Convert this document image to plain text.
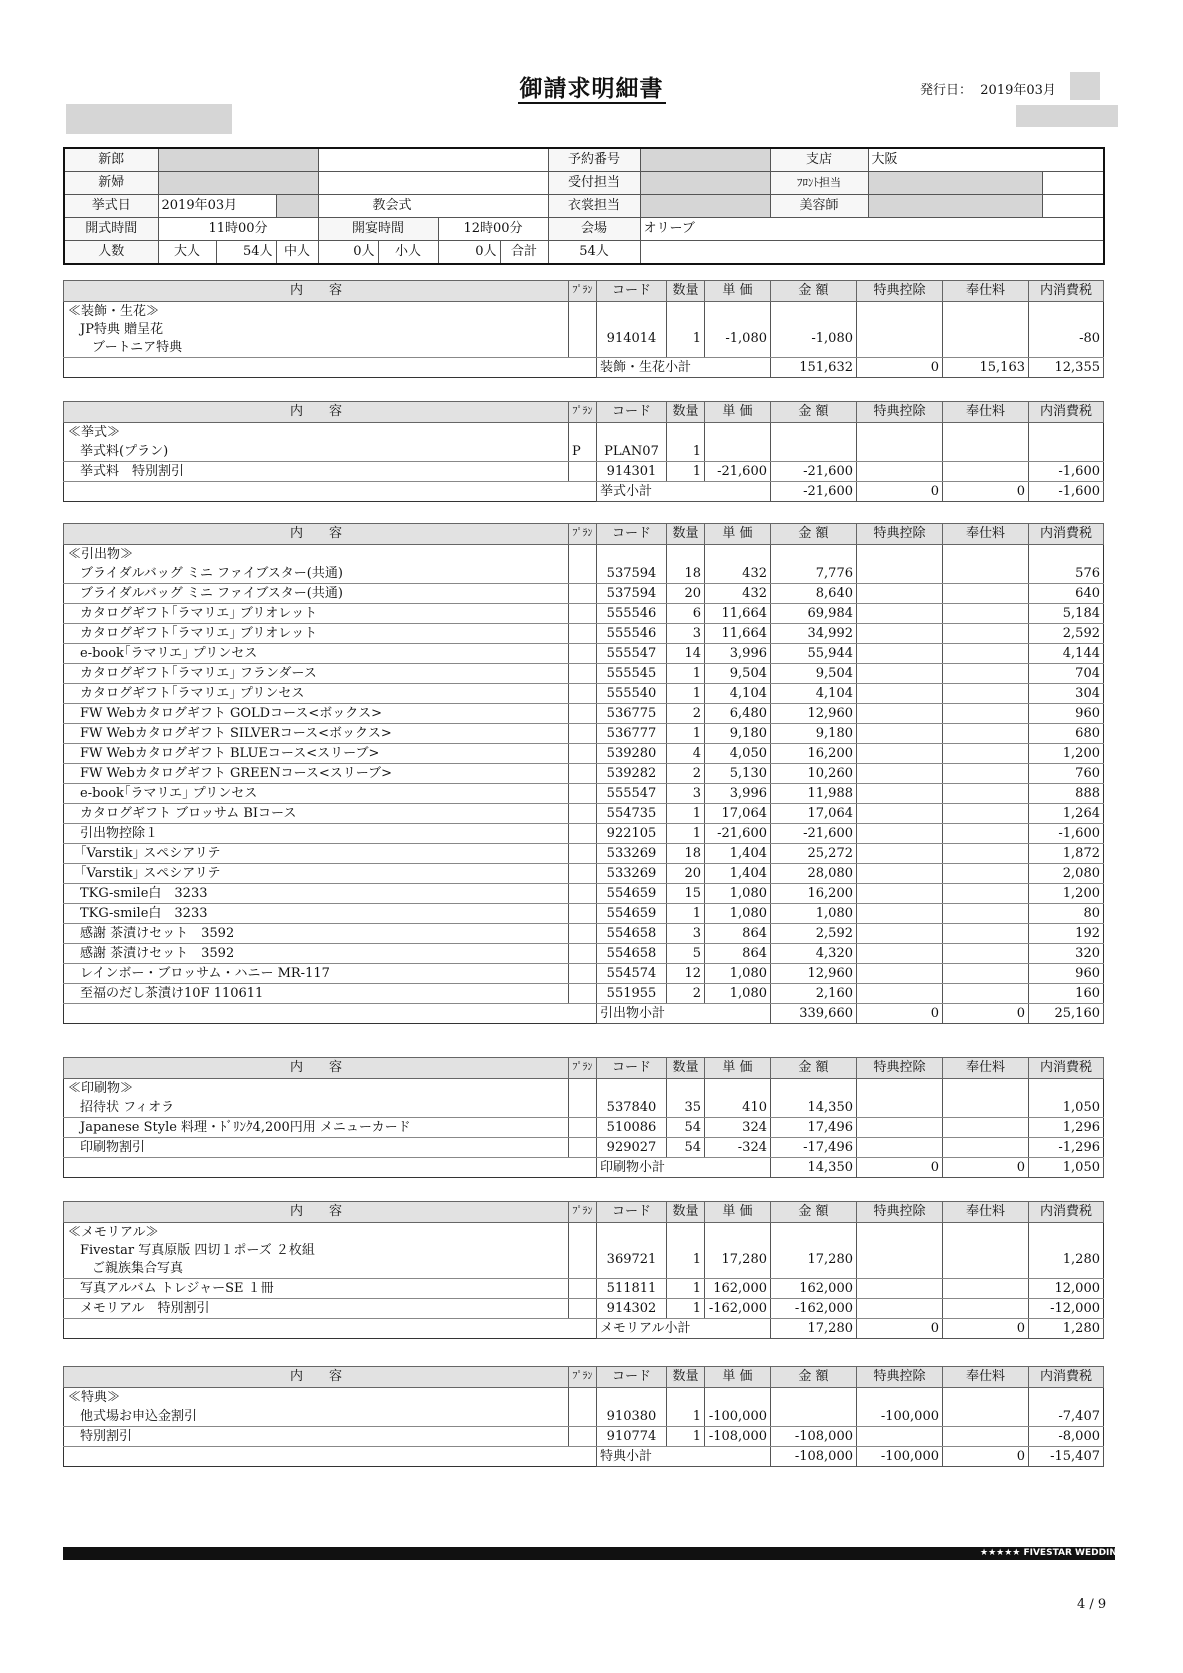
御請求明細書	発行日： 2019年03月
新郎								予約番号		支店	大阪	
新婦								受付担当		ﾌﾛﾝﾄ担当		
挙式日	2019年03月			教会式				衣裳担当		美容師		
開式時間	11時00分			開宴時間		12時00分		会場	オリーブ			
人数	大人	54人	中人	0人	小人	0人	合計	54人				
内　　容	ﾌﾟﾗﾝ	コード	数量	単 価	金 額	特典控除	奉仕料	内消費税
≪装飾・生花≫								

JP特典 贈呈花
ブートニア特典		914014	1	-1,080	-1,080			-80
		装飾・生花小計			151,632	0	15,163	12,355
内　　容	ﾌﾟﾗﾝ	コード	数量	単 価	金 額	特典控除	奉仕料	内消費税
≪挙式≫								

挙式料(プラン)	P	PLAN07	1					

挙式料　特別割引		914301	1	-21,600	-21,600			-1,600
		挙式小計			-21,600	0	0	-1,600
内　　容	ﾌﾟﾗﾝ	コード	数量	単 価	金 額	特典控除	奉仕料	内消費税
≪引出物≫								

ブライダルバッグ ミニ ファイブスター(共通)		537594	18	432	7,776			576

ブライダルバッグ ミニ ファイブスター(共通)		537594	20	432	8,640			640

カタログギフト｢ラマリエ｣ ブリオレット		555546	6	11,664	69,984			5,184

カタログギフト｢ラマリエ｣ ブリオレット		555546	3	11,664	34,992			2,592

e-book｢ラマリエ｣ プリンセス		555547	14	3,996	55,944			4,144

カタログギフト｢ラマリエ｣ フランダース		555545	1	9,504	9,504			704

カタログギフト｢ラマリエ｣ プリンセス		555540	1	4,104	4,104			304

FW Webカタログギフト GOLDコース<ボックス>		536775	2	6,480	12,960			960

FW Webカタログギフト SILVERコース<ボックス>		536777	1	9,180	9,180			680

FW Webカタログギフト BLUEコース<スリーブ>		539280	4	4,050	16,200			1,200

FW Webカタログギフト GREENコース<スリーブ>		539282	2	5,130	10,260			760

e-book｢ラマリエ｣ プリンセス		555547	3	3,996	11,988			888

カタログギフト ブロッサム BIコース		554735	1	17,064	17,064			1,264

引出物控除１		922105	1	-21,600	-21,600			-1,600

｢Varstik｣ スペシアリテ		533269	18	1,404	25,272			1,872

｢Varstik｣ スペシアリテ		533269	20	1,404	28,080			2,080

TKG-smile白　3233		554659	15	1,080	16,200			1,200

TKG-smile白　3233		554659	1	1,080	1,080			80

感謝 茶漬けセット　3592		554658	3	864	2,592			192

感謝 茶漬けセット　3592		554658	5	864	4,320			320

レインボー・ブロッサム・ハニー MR-117		554574	12	1,080	12,960			960

至福のだし茶漬け10F 110611		551955	2	1,080	2,160			160
		引出物小計			339,660	0	0	25,160
内　　容	ﾌﾟﾗﾝ	コード	数量	単 価	金 額	特典控除	奉仕料	内消費税
≪印刷物≫								

招待状 フィオラ		537840	35	410	14,350			1,050

Japanese Style 料理・ﾄﾞﾘﾝｸ4,200円用 メニューカード		510086	54	324	17,496			1,296

印刷物割引		929027	54	-324	-17,496			-1,296
		印刷物小計			14,350	0	0	1,050
内　　容	ﾌﾟﾗﾝ	コード	数量	単 価	金 額	特典控除	奉仕料	内消費税
≪メモリアル≫								

Fivestar 写真原版 四切１ポーズ ２枚組
ご親族集合写真		369721	1	17,280	17,280			1,280

写真アルバム トレジャーSE １冊		511811	1	162,000	162,000			12,000

メモリアル　特別割引		914302	1	-162,000	-162,000			-12,000
		メモリアル小計			17,280	0	0	1,280
内　　容	ﾌﾟﾗﾝ	コード	数量	単 価	金 額	特典控除	奉仕料	内消費税
≪特典≫								

他式場お申込金割引		910380	1	-100,000		-100,000		-7,407

特別割引		910774	1	-108,000	-108,000			-8,000
		特典小計			-108,000	-100,000	0	-15,407
★★★★★ FIVESTAR WEDDING
4 / 9
